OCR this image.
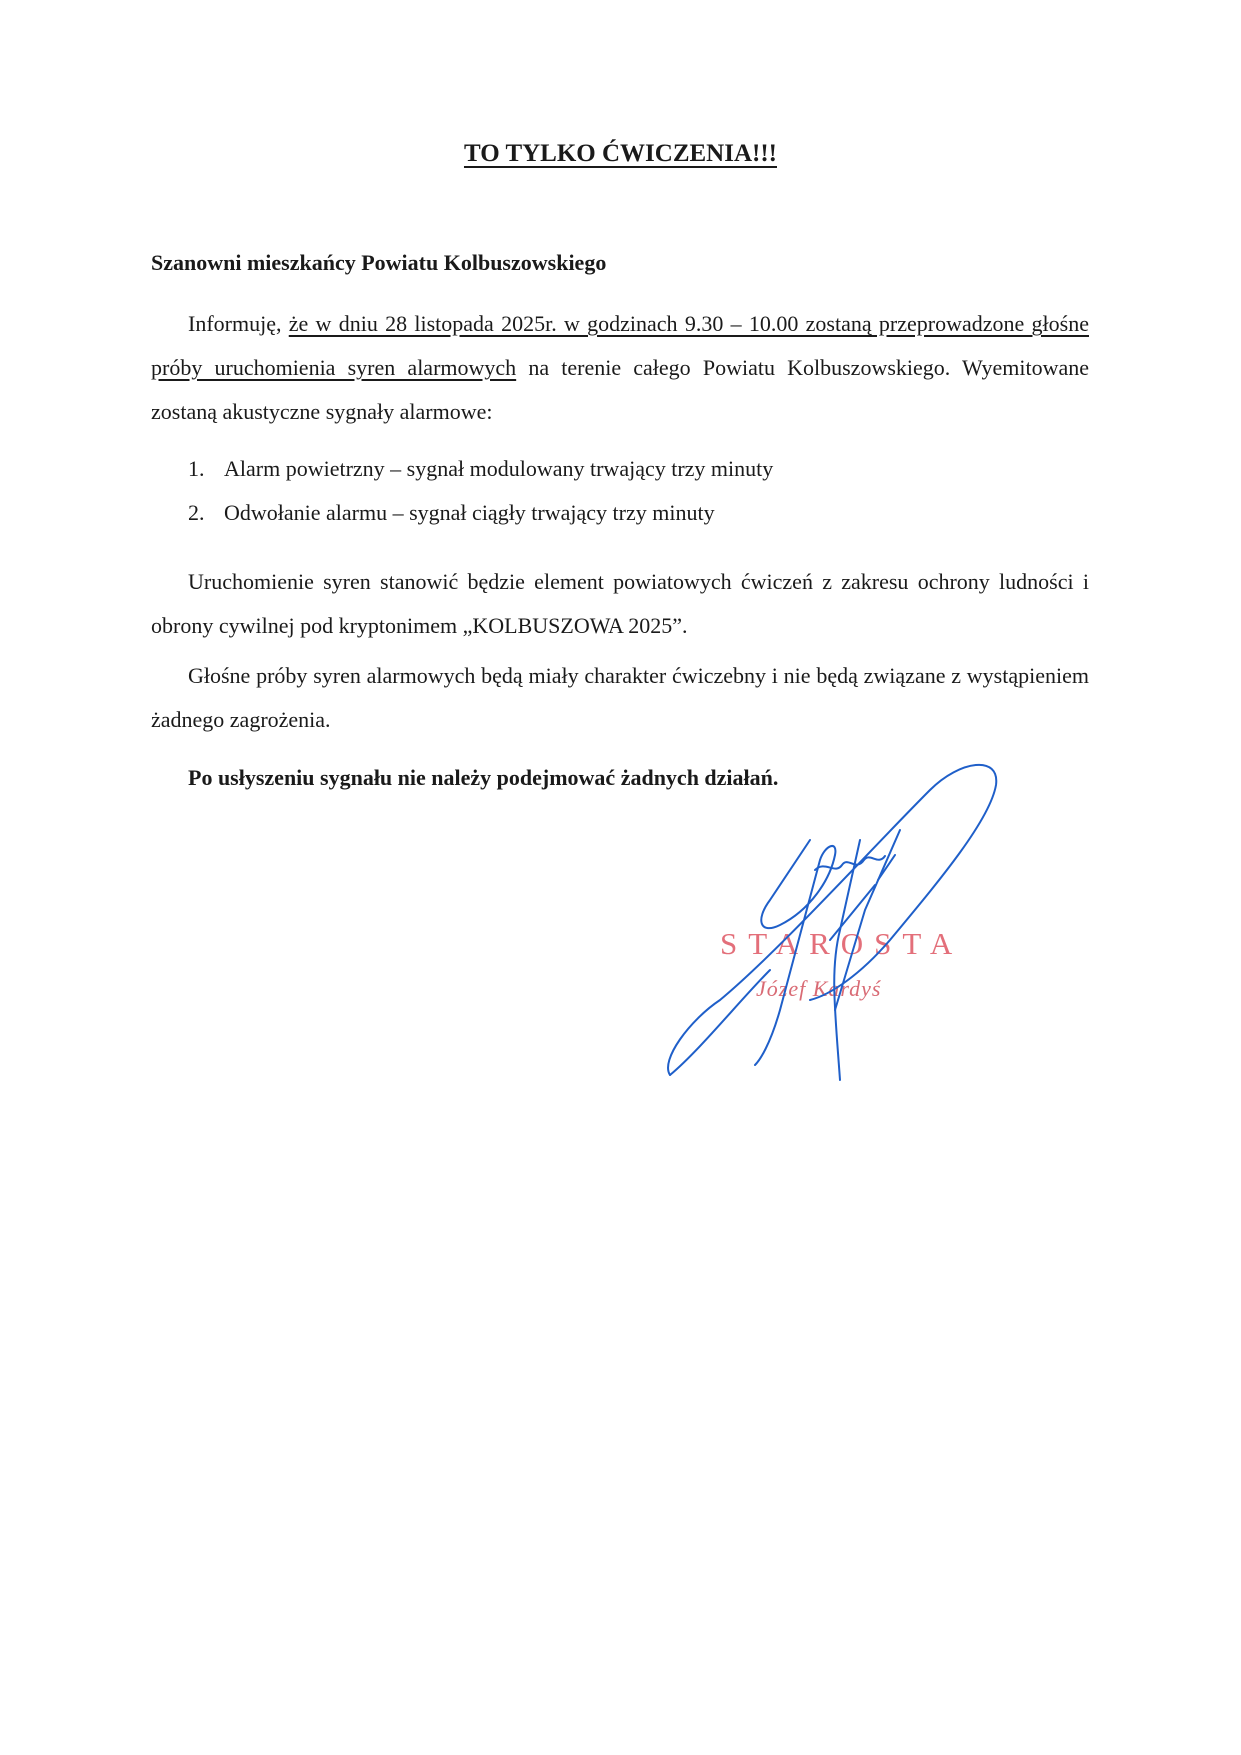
TO TYLKO ĆWICZENIA!!!
Szanowni mieszkańcy Powiatu Kolbuszowskiego
Informuję, że w dniu 28 listopada 2025r. w godzinach 9.30 – 10.00 zostaną przeprowadzone głośne próby uruchomienia syren alarmowych na terenie całego Powiatu Kolbuszowskiego. Wyemitowane zostaną akustyczne sygnały alarmowe:
1. Alarm powietrzny – sygnał modulowany trwający trzy minuty
2. Odwołanie alarmu – sygnał ciągły trwający trzy minuty
Uruchomienie syren stanowić będzie element powiatowych ćwiczeń z zakresu ochrony ludności i obrony cywilnej pod kryptonimem „KOLBUSZOWA 2025”.
Głośne próby syren alarmowych będą miały charakter ćwiczebny i nie będą związane z wystąpieniem żadnego zagrożenia.
Po usłyszeniu sygnału nie należy podejmować żadnych działań.
STAROSTA
Józef Kardyś
